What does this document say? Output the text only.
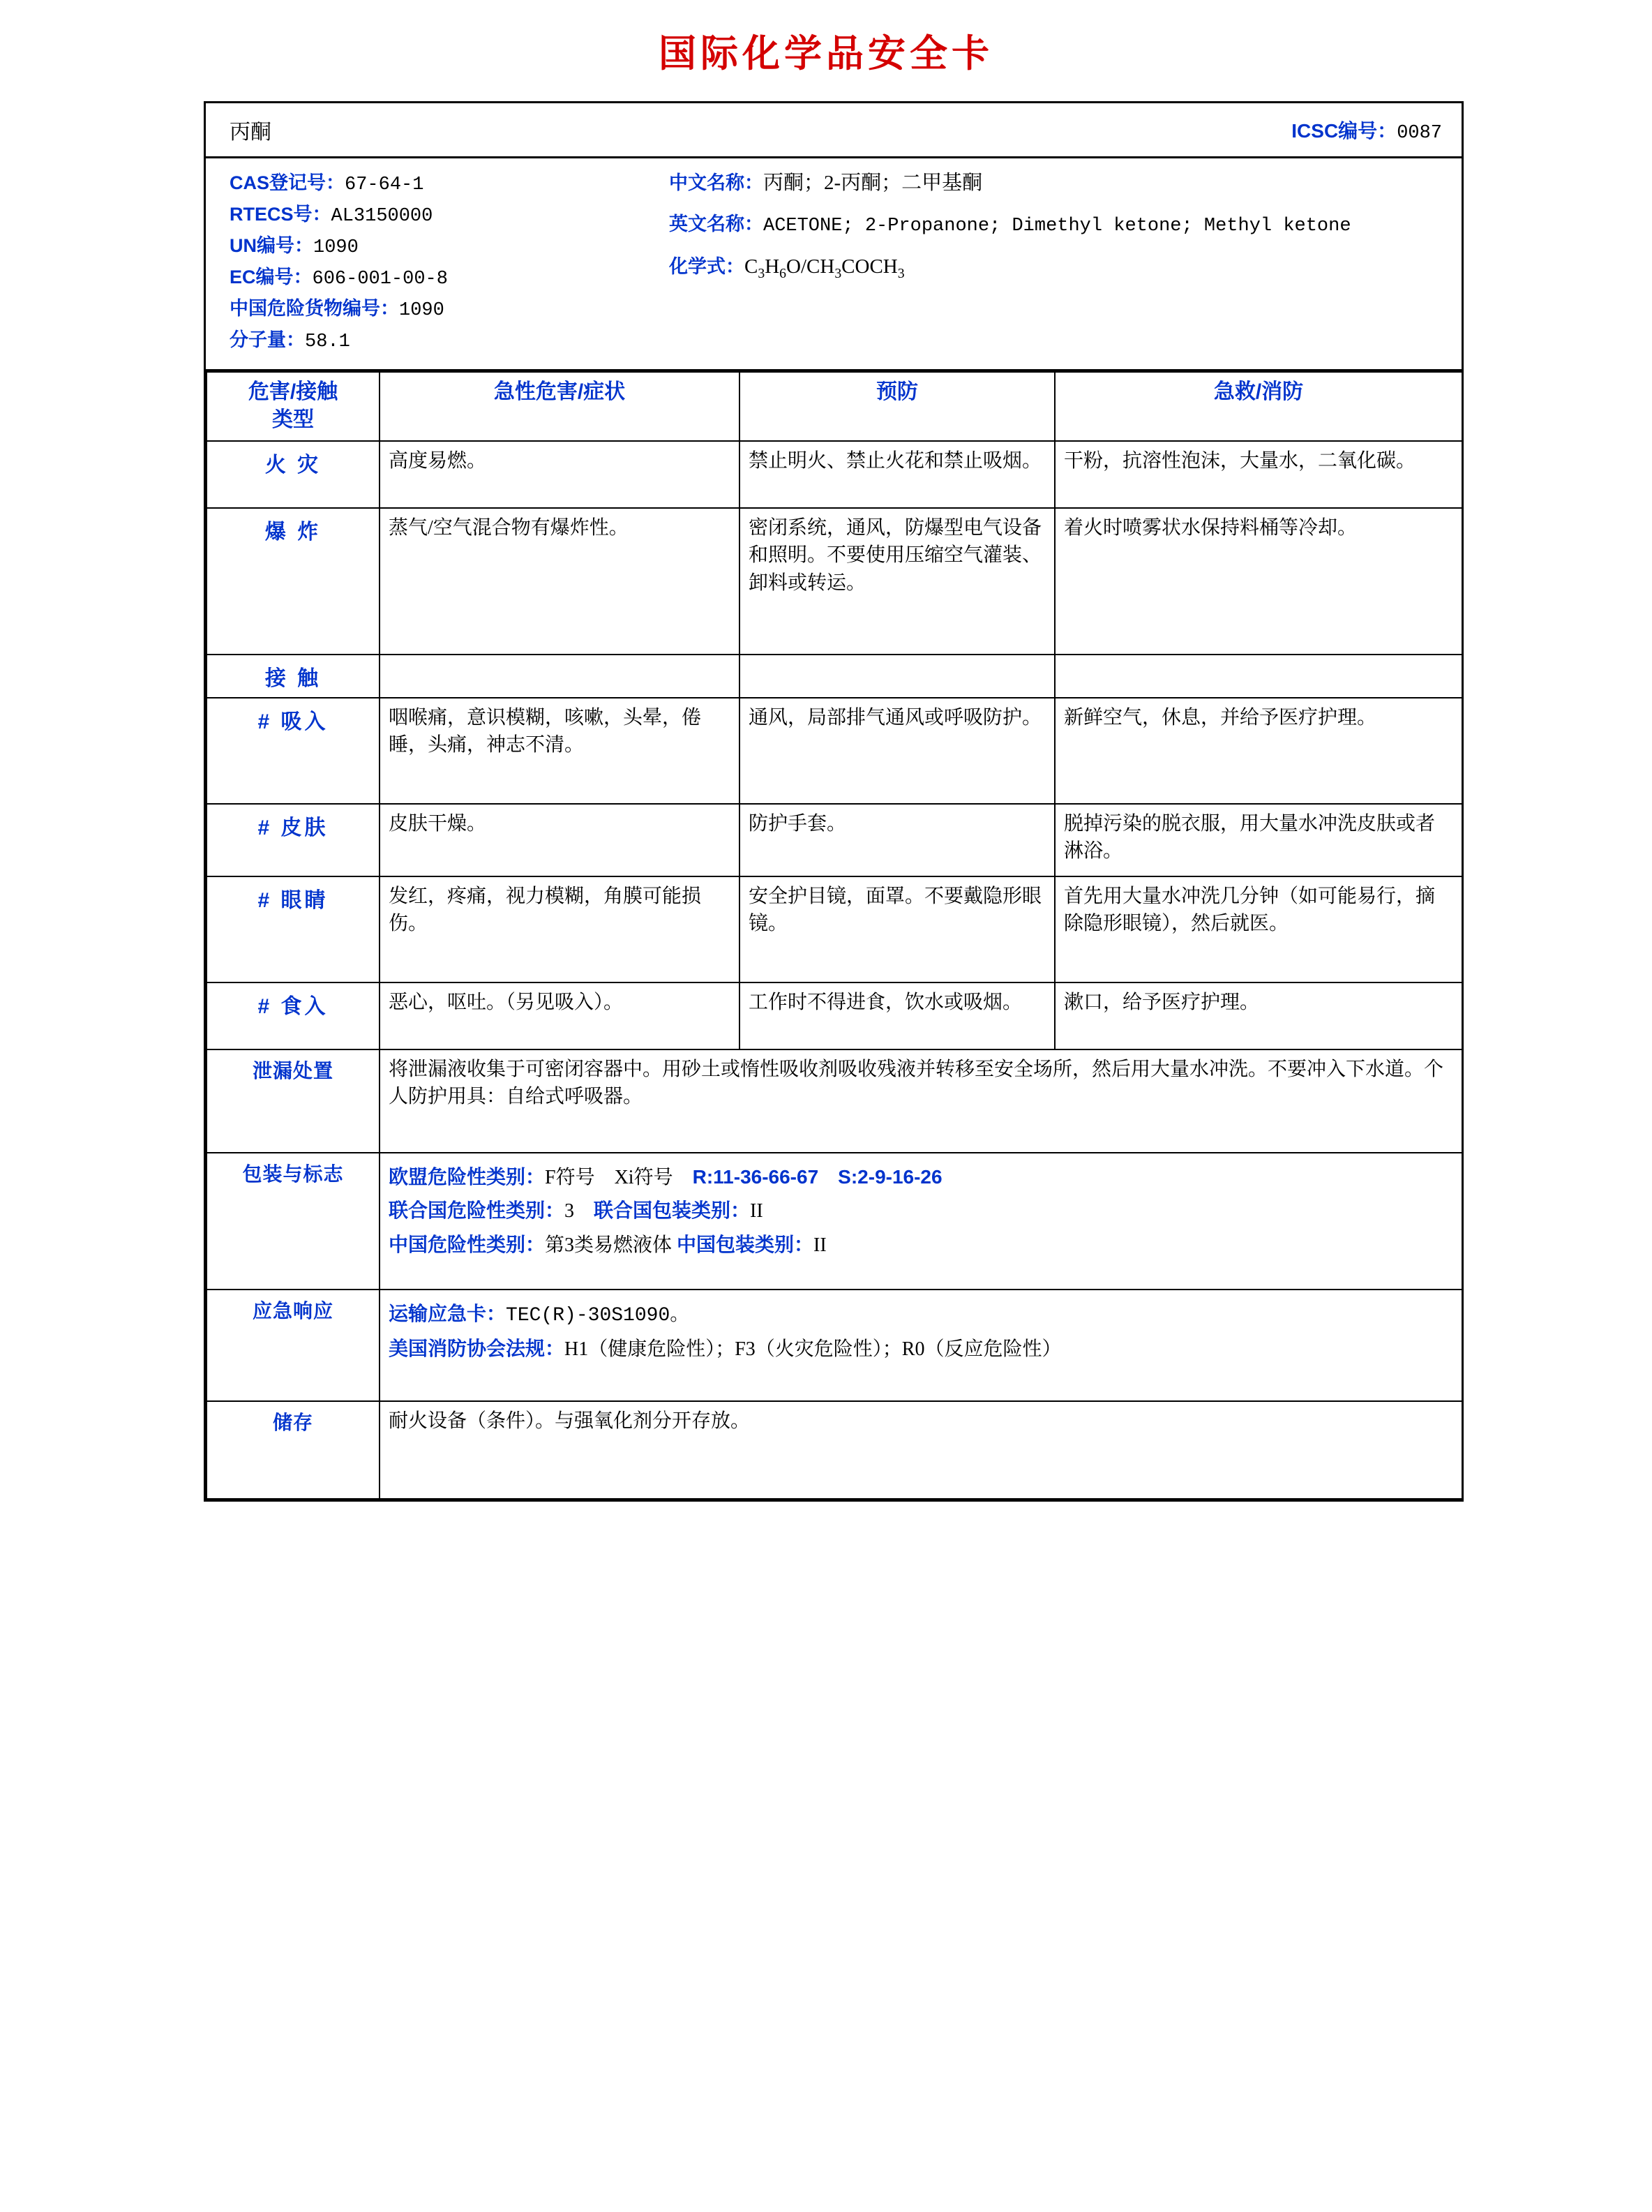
国际化学品安全卡
丙酮	ICSC编号：0087
CAS登记号：67-64-1
RTECS号：AL3150000
UN编号：1090
EC编号：606-001-00-8
中国危险货物编号：1090
分子量：58.1
中文名称：丙酮；2-丙酮；二甲基酮
英文名称：ACETONE; 2-Propanone; Dimethyl ketone; Methyl ketone
化学式：$C_3H_6O/CH_3COCH_3$
危害/接触
类型	急性危害/症状	预防	急救/消防
火 灾	高度易燃。	禁止明火、禁止火花和禁止吸烟。	干粉，抗溶性泡沫，大量水，二氧化碳。
爆 炸	蒸气/空气混合物有爆炸性。	密闭系统，通风，防爆型电气设备和照明。不要使用压缩空气灌装、卸料或转运。	着火时喷雾状水保持料桶等冷却。
接 触			
# 吸入	咽喉痛，意识模糊，咳嗽，头晕，倦睡，头痛，神志不清。	通风，局部排气通风或呼吸防护。	新鲜空气，休息，并给予医疗护理。
# 皮肤	皮肤干燥。	防护手套。	脱掉污染的脱衣服，用大量水冲洗皮肤或者淋浴。
# 眼睛	发红，疼痛，视力模糊，角膜可能损伤。	安全护目镜，面罩。不要戴隐形眼镜。	首先用大量水冲洗几分钟（如可能易行，摘除隐形眼镜），然后就医。
# 食入	恶心，呕吐。（另见吸入）。	工作时不得进食，饮水或吸烟。	漱口，给予医疗护理。
泄漏处置	将泄漏液收集于可密闭容器中。用砂土或惰性吸收剂吸收残液并转移至安全场所，然后用大量水冲洗。不要冲入下水道。个人防护用具：自给式呼吸器。		
包装与标志	欧盟危险性类别：F符号　Xi符号　R:11-36-66-67　 S:2-9-16-26
联合国危险性类别：3　联合国包装类别：II
中国危险性类别：第3类易燃液体 中国包装类别：II		

应急响应	运输应急卡：TEC(R)-30S1090。
美国消防协会法规：H1（健康危险性）；F3（火灾危险性）；R0（反应危险性）		

储存	耐火设备（条件）。与强氧化剂分开存放。		
